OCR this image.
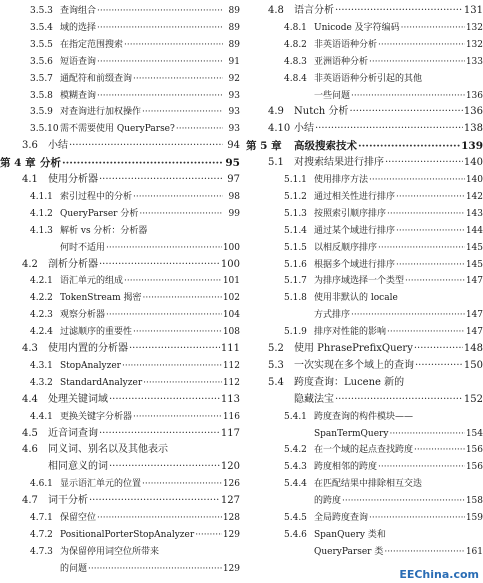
3.5.3 查询组合 ·····	89
3.5.4 域的选择 ·····	89
3.5.5 在指定范围搜索 ·····	89
3.5.6 短语查询 ·····	91
3.5.7 通配符和前缀查询 ·····	92
3.5.8 模糊查询 ·····	93
3.5.9 对查询进行加权操作 ·····	93
3.5.10 需不需要使用 QueryParse? ·····	93
3.6	小结 ·····	94
第 4 章 分析 ·····	95
4.1	使用分析器 ·····	97
4.1.1 索引过程中的分析 ·····	98
4.1.2 QueryParser 分析 ·····	99
4.1.3 解析 vs 分析：分析器
何时不适用 ·····	100
4.2	剖析分析器 ·····	100
4.2.1 语汇单元的组成 ·····	101
4.2.2 TokenStream 揭密 ·····	102
4.2.3 观察分析器 ·····	104
4.2.4 过滤顺序的重要性 ·····	108
4.3	使用内置的分析器 ·····	111
4.3.1 StopAnalyzer ·····	112
4.3.2 StandardAnalyzer ·····	112
4.4	处理关键词域 ·····	113
4.4.1 更换关键字分析器 ·····	116
4.5	近音词查询 ·····	117
4.6	同义词、别名以及其他表示
相同意义的词 ·····	120
4.6.1 显示语汇单元的位置 ·····	126
4.7	词干分析 ·····	127
4.7.1 保留空位 ·····	128
4.7.2 PositionalPorterStopAnalyzer ·····	129
4.7.3 为保留停用词空位所带来
的问题 ·····	129
4.8	语言分析 ·····	131
4.8.1 Unicode 及字符编码 ·····	132
4.8.2 非英语语种分析 ·····	132
4.8.3 亚洲语种分析 ·····	133
4.8.4 非英语语种分析引起的其他
一些问题 ·····	136
4.9	Nutch 分析 ·····	136
4.10 小结 ·····	138
第 5 章	高级搜索技术 ·····	139
5.1	对搜索结果进行排序 ·····	140
5.1.1 使用排序方法 ·····	140
5.1.2 通过相关性进行排序 ·····	142
5.1.3 按照索引顺序排序 ·····	143
5.1.4 通过某个域进行排序 ·····	144
5.1.5 以相反顺序排序 ·····	145
5.1.6 根据多个域进行排序 ·····	145
5.1.7 为排序域选择一个类型 ·····	147
5.1.8 使用非默认的 locale
方式排序 ·····	147
5.1.9 排序对性能的影响 ·····	147
5.2	使用 PhrasePrefixQuery ·····	148
5.3	一次实现在多个域上的查询 ·····	150
5.4	跨度查询：Lucene 新的
隐藏法宝 ·····	152
5.4.1 跨度查询的构件模块——
SpanTermQuery ·····	154
5.4.2 在一个域的起点查找跨度 ·····	156
5.4.3 跨度相邻的跨度 ·····	156
5.4.4 在匹配结果中排除相互交迭
的跨度 ·····	158
5.4.5 全局跨度查询 ·····	159
5.4.6 SpanQuery 类和
QueryParser 类 ·····	161
EEChina.com
